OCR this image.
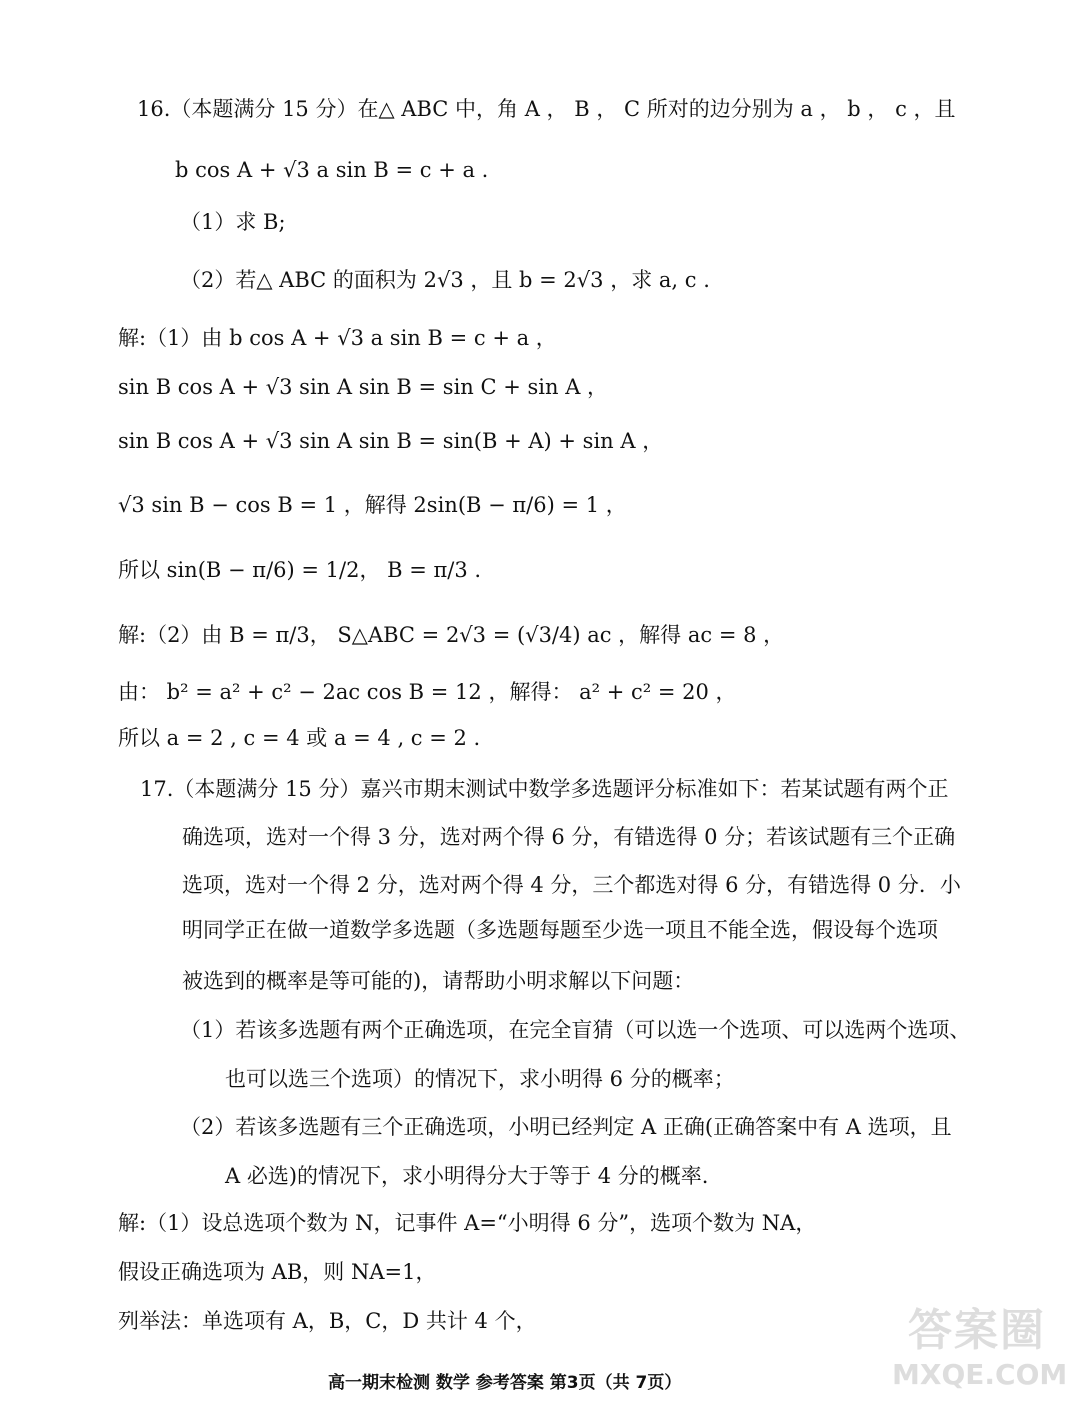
16.（本题满分 15 分）在△ ABC 中，角 A ， B ， C 所对的边分别为 a ， b ， c ，且
b cos A + √3 a sin B = c + a .
（1）求 B;
（2）若△ ABC 的面积为 2√3 ，且 b = 2√3 ，求 a, c .
解:（1）由 b cos A + √3 a sin B = c + a ，
sin B cos A + √3 sin A sin B = sin C + sin A ，
sin B cos A + √3 sin A sin B = sin(B + A) + sin A ，
√3 sin B − cos B = 1 ，解得 2sin(B − π/6) = 1 ，
所以 sin(B − π/6) = 1/2， B = π/3 .
解:（2）由 B = π/3， S△ABC = 2√3 = (√3/4) ac ，解得 ac = 8 ，
由： b² = a² + c² − 2ac cos B = 12 ，解得： a² + c² = 20 ，
所以 a = 2 , c = 4 或 a = 4 , c = 2 .
17.（本题满分 15 分）嘉兴市期末测试中数学多选题评分标准如下：若某试题有两个正
确选项，选对一个得 3 分，选对两个得 6 分，有错选得 0 分；若该试题有三个正确
选项，选对一个得 2 分，选对两个得 4 分，三个都选对得 6 分，有错选得 0 分．小
明同学正在做一道数学多选题（多选题每题至少选一项且不能全选，假设每个选项
被选到的概率是等可能的)，请帮助小明求解以下问题：
（1）若该多选题有两个正确选项，在完全盲猜（可以选一个选项、可以选两个选项、
也可以选三个选项）的情况下，求小明得 6 分的概率；
（2）若该多选题有三个正确选项，小明已经判定 A 正确(正确答案中有 A 选项，且
A 必选)的情况下，求小明得分大于等于 4 分的概率.
解:（1）设总选项个数为 N，记事件 A=“小明得 6 分”，选项个数为 NA，
假设正确选项为 AB，则 NA=1，
列举法：单选项有 A，B，C，D 共计 4 个，
高一期末检测 数学 参考答案 第3页（共 7页）
答案圈
MXQE.COM
